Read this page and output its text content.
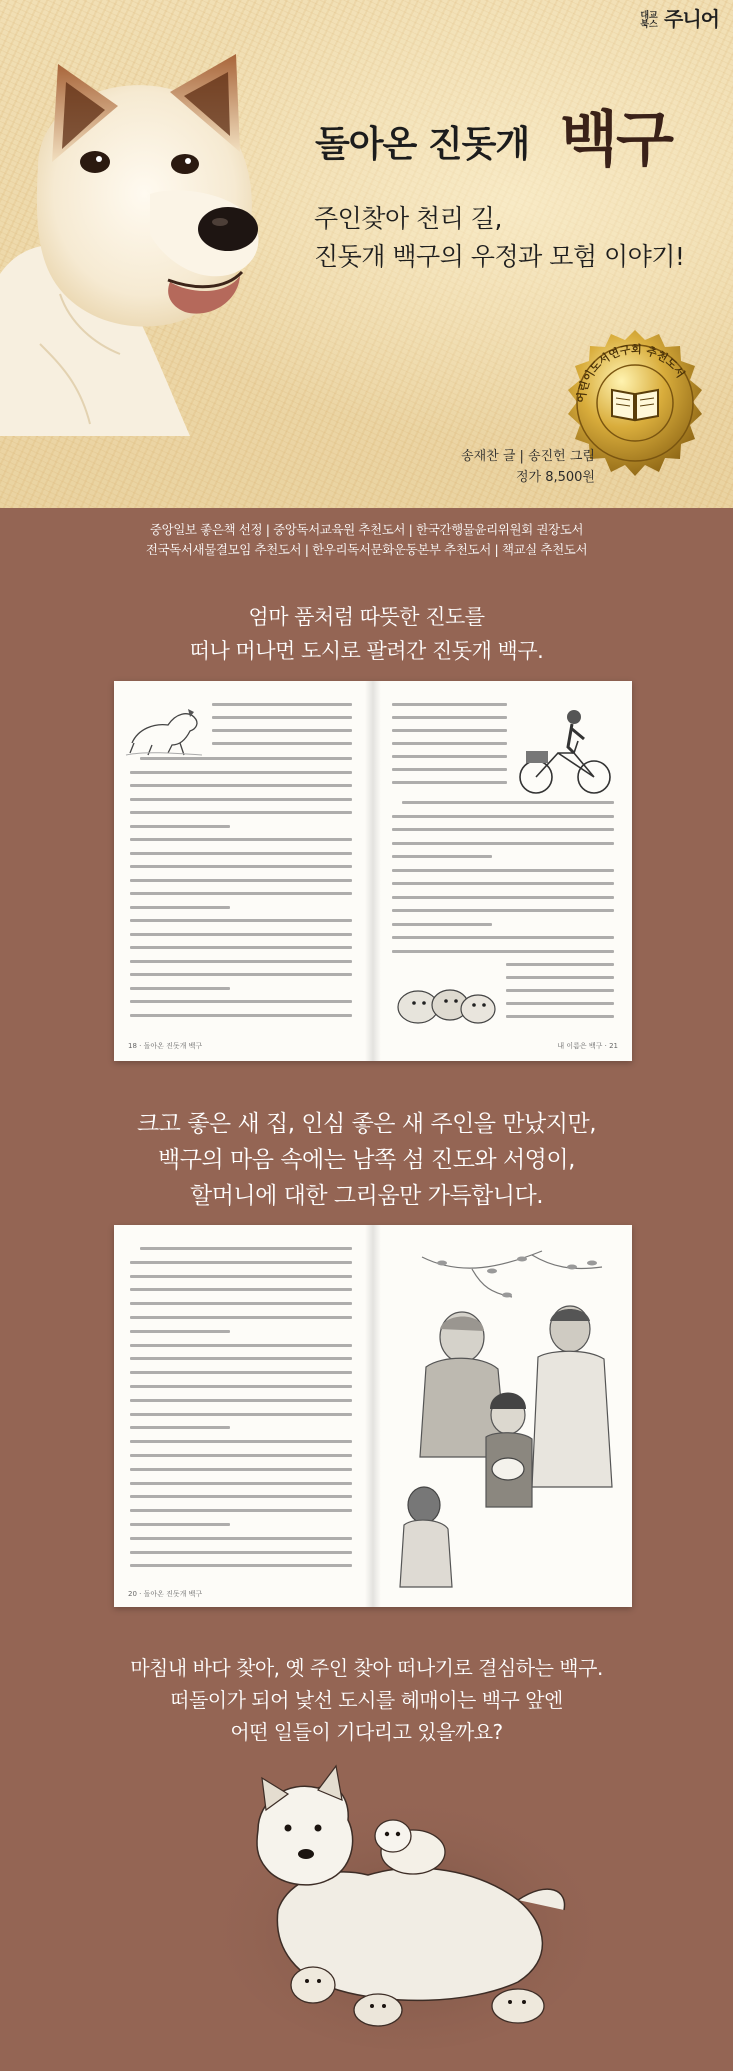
대교북스 주니어
돌아온 진돗개 백구
주인찾아 천리 길,
진돗개 백구의 우정과 모험 이야기!
어린이도서연구회 추천도서
송재찬 글 | 송진헌 그림
정가 8,500원
중앙일보 좋은책 선정 | 중앙독서교육원 추천도서 | 한국간행물윤리위원회 권장도서
전국독서새물결모임 추천도서 | 한우리독서문화운동본부 추천도서 | 책교실 추천도서
엄마 품처럼 따뜻한 진도를
떠나 머나먼 도시로 팔려간 진돗개 백구.
18 · 돌아온 진돗개 백구	내 이름은 백구 · 21
크고 좋은 새 집, 인심 좋은 새 주인을 만났지만,
백구의 마음 속에는 남쪽 섬 진도와 서영이,
할머니에 대한 그리움만 가득합니다.
20 · 돌아온 진돗개 백구
마침내 바다 찾아, 옛 주인 찾아 떠나기로 결심하는 백구.
떠돌이가 되어 낯선 도시를 헤매이는 백구 앞엔
어떤 일들이 기다리고 있을까요?
